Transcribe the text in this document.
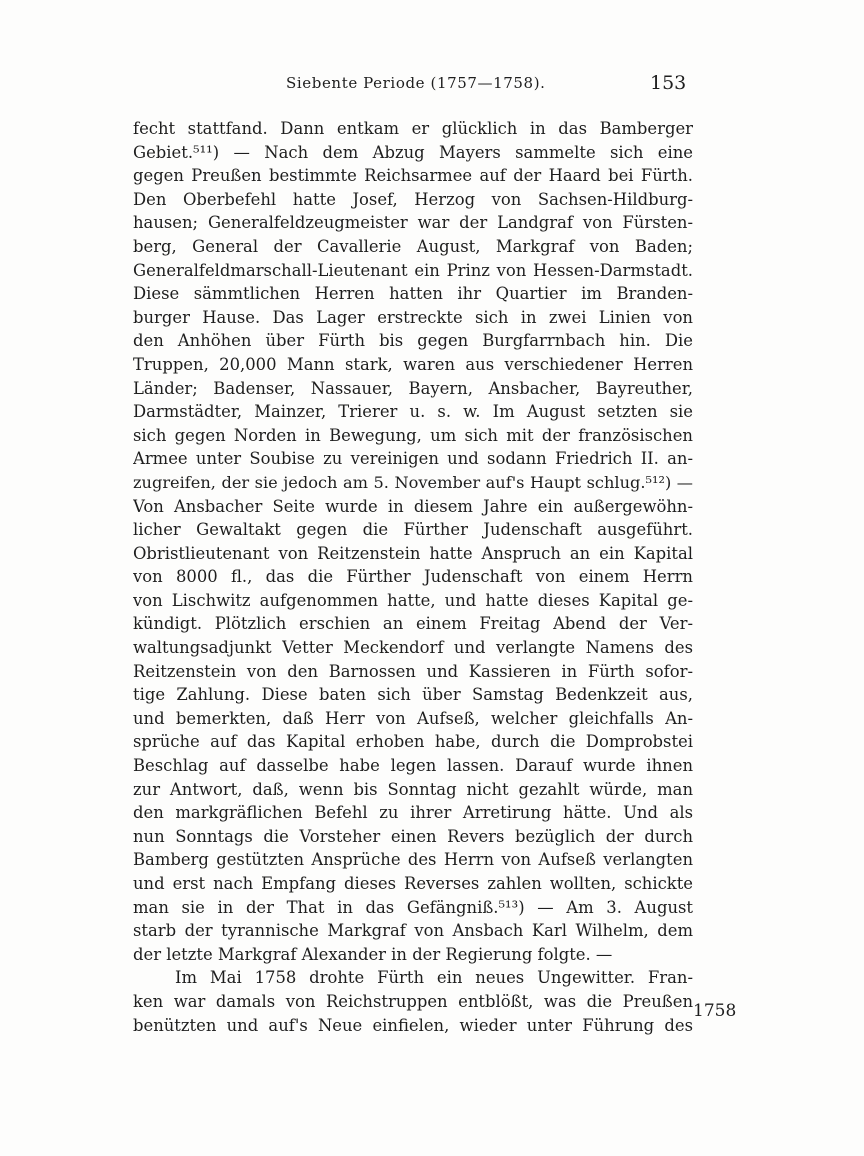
Siebente Periode (1757—1758).	153
fecht stattfand. Dann entkam er glücklich in das Bamberger
Gebiet.⁵¹¹) — Nach dem Abzug Mayers sammelte sich eine
gegen Preußen bestimmte Reichsarmee auf der Haard bei Fürth.
Den Oberbefehl hatte Josef, Herzog von Sachsen-Hildburg-
hausen; Generalfeldzeugmeister war der Landgraf von Fürsten-
berg, General der Cavallerie August, Markgraf von Baden;
Generalfeldmarschall-Lieutenant ein Prinz von Hessen-Darmstadt.
Diese sämmtlichen Herren hatten ihr Quartier im Branden-
burger Hause. Das Lager erstreckte sich in zwei Linien von
den Anhöhen über Fürth bis gegen Burgfarrnbach hin. Die
Truppen, 20,000 Mann stark, waren aus verschiedener Herren
Länder; Badenser, Nassauer, Bayern, Ansbacher, Bayreuther,
Darmstädter, Mainzer, Trierer u. s. w. Im August setzten sie
sich gegen Norden in Bewegung, um sich mit der französischen
Armee unter Soubise zu vereinigen und sodann Friedrich II. an-
zugreifen, der sie jedoch am 5. November auf's Haupt schlug.⁵¹²) —
Von Ansbacher Seite wurde in diesem Jahre ein außergewöhn-
licher Gewaltakt gegen die Fürther Judenschaft ausgeführt.
Obristlieutenant von Reitzenstein hatte Anspruch an ein Kapital
von 8000 fl., das die Fürther Judenschaft von einem Herrn
von Lischwitz aufgenommen hatte, und hatte dieses Kapital ge-
kündigt. Plötzlich erschien an einem Freitag Abend der Ver-
waltungsadjunkt Vetter Meckendorf und verlangte Namens des
Reitzenstein von den Barnossen und Kassieren in Fürth sofor-
tige Zahlung. Diese baten sich über Samstag Bedenkzeit aus,
und bemerkten, daß Herr von Aufseß, welcher gleichfalls An-
sprüche auf das Kapital erhoben habe, durch die Domprobstei
Beschlag auf dasselbe habe legen lassen. Darauf wurde ihnen
zur Antwort, daß, wenn bis Sonntag nicht gezahlt würde, man
den markgräflichen Befehl zu ihrer Arretirung hätte. Und als
nun Sonntags die Vorsteher einen Revers bezüglich der durch
Bamberg gestützten Ansprüche des Herrn von Aufseß verlangten
und erst nach Empfang dieses Reverses zahlen wollten, schickte
man sie in der That in das Gefängniß.⁵¹³) — Am 3. August
starb der tyrannische Markgraf von Ansbach Karl Wilhelm, dem
der letzte Markgraf Alexander in der Regierung folgte. —
Im Mai 1758 drohte Fürth ein neues Ungewitter. Fran-
ken war damals von Reichstruppen entblößt, was die Preußen
benützten und auf's Neue einfielen, wieder unter Führung des
1758
